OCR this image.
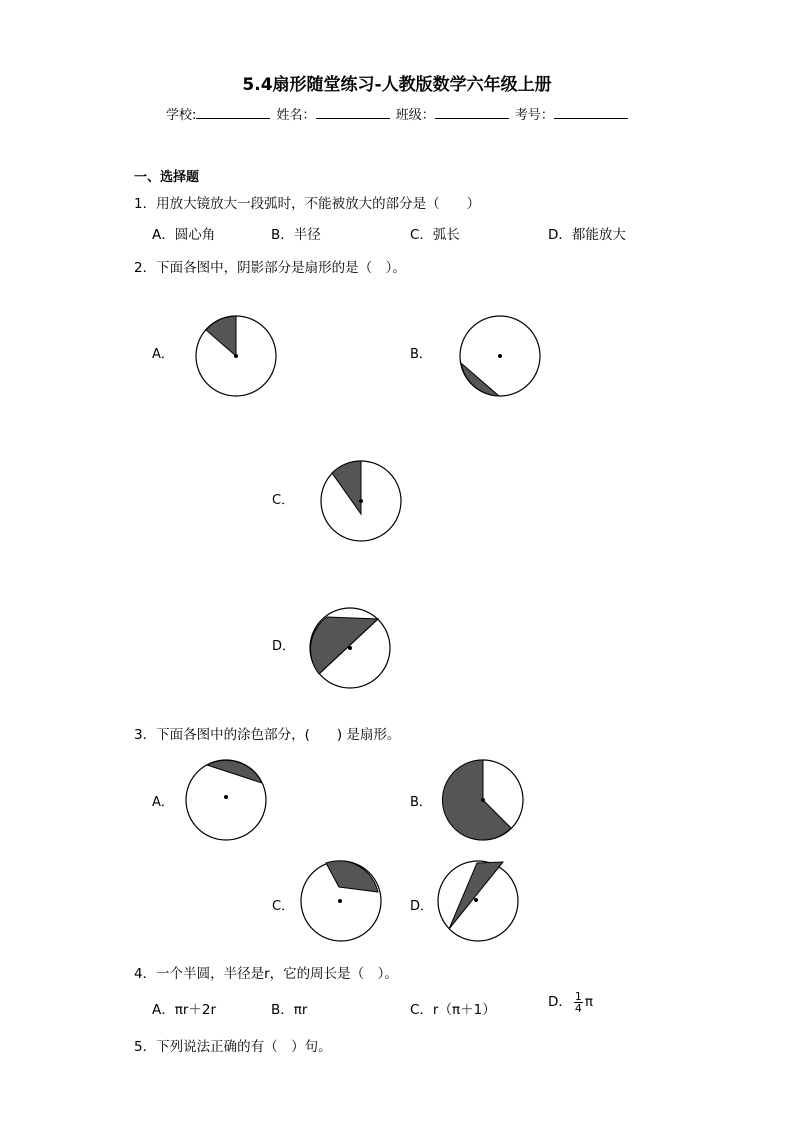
5.4扇形随堂练习-人教版数学六年级上册
学校:	姓名：	班级：	考号：
一、选择题
1．用放大镜放大一段弧时，不能被放大的部分是（　　）
A．圆心角	B．半径	C．弧长	D．都能放大
2．下面各图中，阴影部分是扇形的是（　）。
A．	B．
C．
D．
3．下面各图中的涂色部分，(　　) 是扇形。
A．	B．
C．	D．
4．一个半圆，半径是r，它的周长是（　）。
A．πr＋2r	B．πr	C．r（π＋1）	D． $\frac{1}{4}$ π
5．下列说法正确的有（　）句。
